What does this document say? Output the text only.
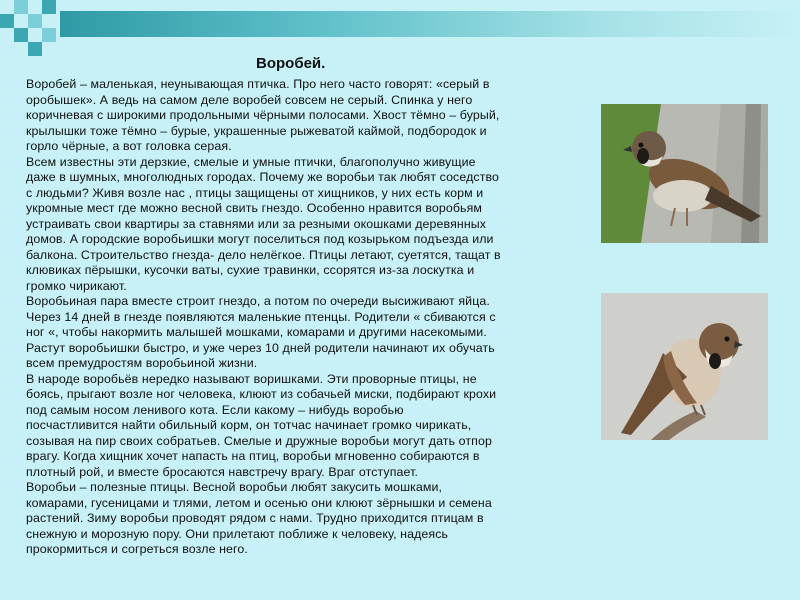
Воробей.
Воробей – маленькая, неунывающая птичка. Про него часто говорят: «серый в
оробышек». А ведь на самом деле воробей совсем не серый. Спинка у него
коричневая с широкими продольными чёрными полосами. Хвост тёмно – бурый,
крылышки тоже тёмно – бурые, украшенные рыжеватой каймой, подбородок и
горло чёрные, а вот головка серая.
Всем известны эти дерзкие, смелые и умные птички, благополучно живущие
даже в шумных, многолюдных городах. Почему же воробьи так любят соседство
с людьми? Живя возле нас , птицы защищены от хищников, у них есть корм и
укромные мест где можно весной свить гнездо. Особенно нравится воробьям
устраивать свои квартиры за ставнями или за резными окошками деревянных
домов. А городские воробьишки могут поселиться под козырьком подъезда или
балкона. Строительство гнезда- дело нелёгкое. Птицы летают, суетятся, тащат в
клювиках пёрышки, кусочки ваты, сухие травинки, ссорятся из-за лоскутка и
громко чирикают.
Воробьиная пара вместе строит гнездо, а потом по очереди высиживают яйца.
Через 14 дней в гнезде появляются маленькие птенцы. Родители « сбиваются с
ног «, чтобы накормить малышей мошками, комарами и другими насекомыми.
Растут воробьишки быстро, и уже через 10 дней родители начинают их обучать
всем премудростям воробьиной жизни.
В народе воробьёв нередко называют воришками. Эти проворные птицы, не
боясь, прыгают возле ног человека, клюют из собачьей миски, подбирают крохи
под самым носом ленивого кота. Если какому – нибудь воробью
посчастливится найти обильный корм, он тотчас начинает громко чирикать,
созывая на пир своих собратьев. Смелые и дружные воробьи могут дать отпор
врагу. Когда хищник хочет напасть на птиц, воробьи мгновенно собираются в
плотный рой, и вместе бросаются навстречу врагу. Враг отступает.
Воробьи – полезные птицы. Весной воробьи любят закусить мошками,
комарами, гусеницами и тлями, летом и осенью они клюют зёрнышки и семена
растений. Зиму воробьи проводят рядом с нами. Трудно приходится птицам в
снежную и морозную пору. Они прилетают поближе к человеку, надеясь
прокормиться и согреться возле него.
